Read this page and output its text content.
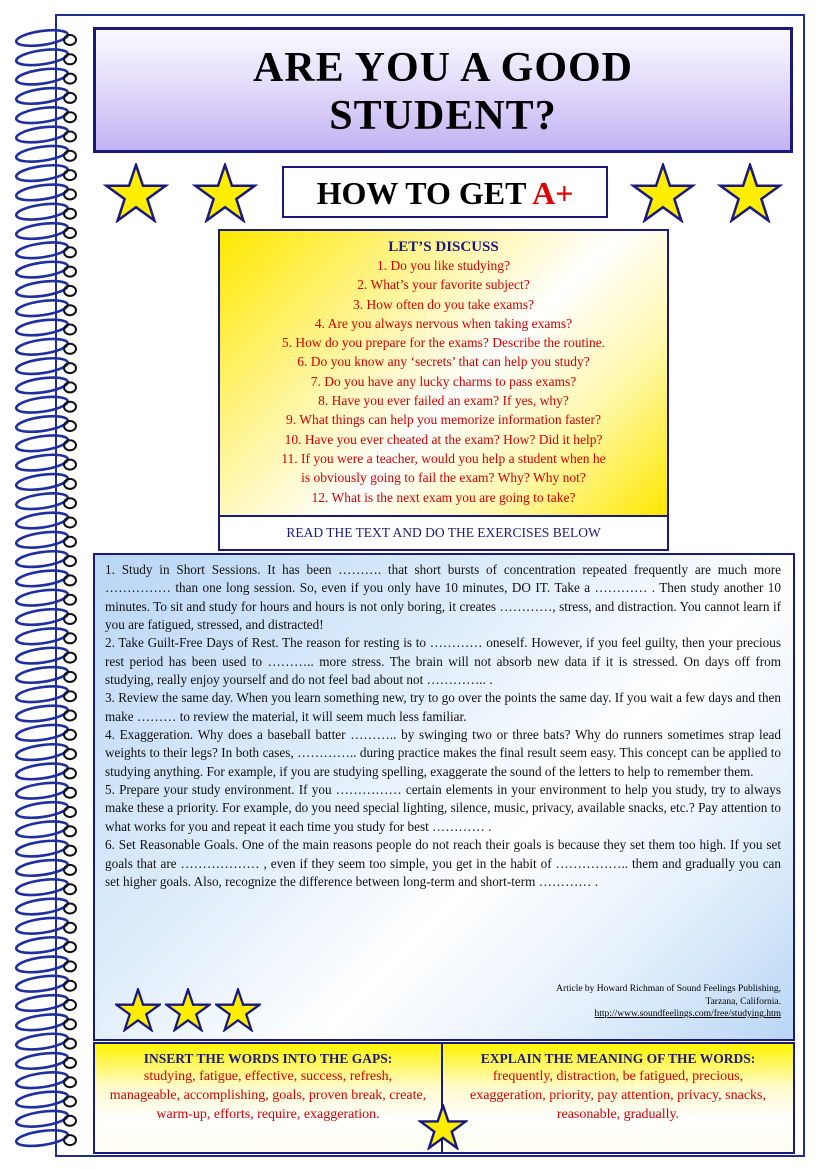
ARE YOU A GOOD
STUDENT?
HOW TO GET A+
LET’S DISCUSS
1. Do you like studying?
2. What’s your favorite subject?
3. How often do you take exams?
4. Are you always nervous when taking exams?
5. How do you prepare for the exams? Describe the routine.
6. Do you know any ‘secrets’ that can help you study?
7. Do you have any lucky charms to pass exams?
8. Have you ever failed an exam? If yes, why?
9. What things can help you memorize information faster?
10. Have you ever cheated at the exam? How? Did it help?
11. If you were a teacher, would you help a student when he
is obviously going to fail the exam? Why? Why not?
12. What is the next exam you are going to take?
READ THE TEXT AND DO THE EXERCISES BELOW

1. Study in Short Sessions. It has been ………. that short bursts of concentration repeated frequently are much more …………… than one long session. So, even if you only have 10 minutes, DO IT. Take a ………… . Then study another 10 minutes. To sit and study for hours and hours is not only boring, it creates …………, stress, and distraction. You cannot learn if you are fatigued, stressed, and distracted!

2. Take Guilt-Free Days of Rest. The reason for resting is to ………… oneself. However, if you feel guilty, then your precious rest period has been used to ……….. more stress. The brain will not absorb new data if it is stressed. On days off from studying, really enjoy yourself and do not feel bad about not ………….. .

3. Review the same day. When you learn something new, try to go over the points the same day. If you wait a few days and then make ……… to review the material, it will seem much less familiar.

4. Exaggeration. Why does a baseball batter ……….. by swinging two or three bats? Why do runners sometimes strap lead weights to their legs? In both cases, ………….. during practice makes the final result seem easy. This concept can be applied to studying anything. For example, if you are studying spelling, exaggerate the sound of the letters to help to remember them.

5. Prepare your study environment. If you …………… certain elements in your environment to help you study, try to always make these a priority. For example, do you need special lighting, silence, music, privacy, available snacks, etc.? Pay attention to what works for you and repeat it each time you study for best ………… .

6. Set Reasonable Goals. One of the main reasons people do not reach their goals is because they set them too high. If you set goals that are ……………… , even if they seem too simple, you get in the habit of …………….. them and gradually you can set higher goals. Also, recognize the difference between long-term and short-term ………… .

Article by Howard Richman of Sound Feelings Publishing,
Tarzana, California.
http://www.soundfeelings.com/free/studying.htm

INSERT THE WORDS INTO THE GAPS:
studying, fatigue, effective, success, refresh, manageable, accomplishing, goals, proven break, create, warm-up, efforts, require, exaggeration.
EXPLAIN THE MEANING OF THE WORDS:
frequently, distraction, be fatigued, precious, exaggeration, priority, pay attention, privacy, snacks, reasonable, gradually.
